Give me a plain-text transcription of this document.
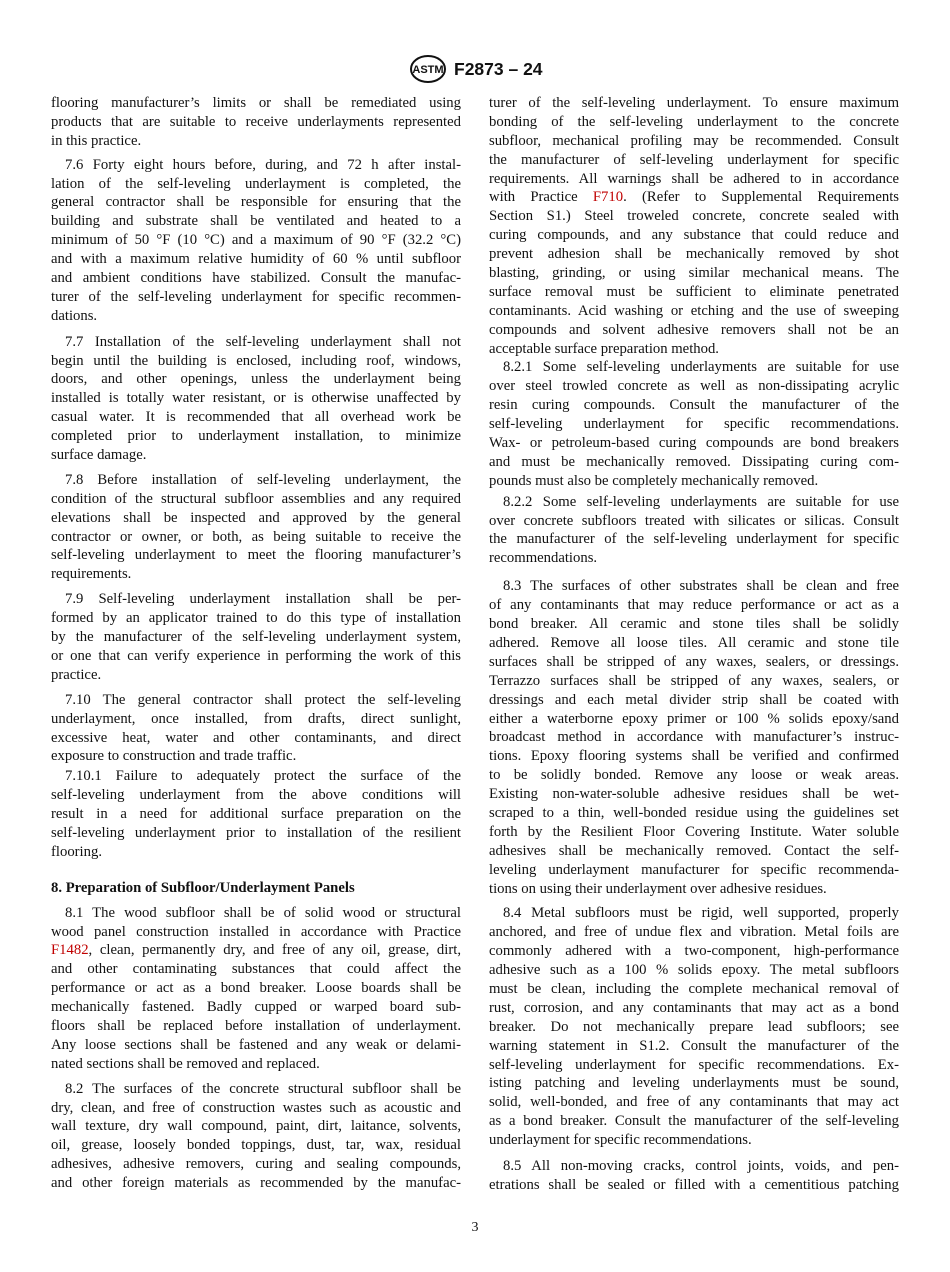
ASTM F2873 – 24
flooring manufacturer’s limits or shall be remediated using
products that are suitable to receive underlayments represented
in this practice.
7.6 Forty eight hours before, during, and 72 h after instal-
lation of the self-leveling underlayment is completed, the
general contractor shall be responsible for ensuring that the
building and substrate shall be ventilated and heated to a
minimum of 50 °F (10 °C) and a maximum of 90 °F (32.2 °C)
and with a maximum relative humidity of 60 % until subfloor
and ambient conditions have stabilized. Consult the manufac-
turer of the self-leveling underlayment for specific recommen-
dations.
7.7 Installation of the self-leveling underlayment shall not
begin until the building is enclosed, including roof, windows,
doors, and other openings, unless the underlayment being
installed is totally water resistant, or is otherwise unaffected by
casual water. It is recommended that all overhead work be
completed prior to underlayment installation, to minimize
surface damage.
7.8 Before installation of self-leveling underlayment, the
condition of the structural subfloor assemblies and any required
elevations shall be inspected and approved by the general
contractor or owner, or both, as being suitable to receive the
self-leveling underlayment to meet the flooring manufacturer’s
requirements.
7.9 Self-leveling underlayment installation shall be per-
formed by an applicator trained to do this type of installation
by the manufacturer of the self-leveling underlayment system,
or one that can verify experience in performing the work of this
practice.
7.10 The general contractor shall protect the self-leveling
underlayment, once installed, from drafts, direct sunlight,
excessive heat, water and other contaminants, and direct
exposure to construction and trade traffic.
7.10.1 Failure to adequately protect the surface of the
self-leveling underlayment from the above conditions will
result in a need for additional surface preparation on the
self-leveling underlayment prior to installation of the resilient
flooring.
8. Preparation of Subfloor/Underlayment Panels
8.1 The wood subfloor shall be of solid wood or structural
wood panel construction installed in accordance with Practice
F1482, clean, permanently dry, and free of any oil, grease, dirt,
and other contaminating substances that could affect the
performance or act as a bond breaker. Loose boards shall be
mechanically fastened. Badly cupped or warped board sub-
floors shall be replaced before installation of underlayment.
Any loose sections shall be fastened and any weak or delami-
nated sections shall be removed and replaced.
8.2 The surfaces of the concrete structural subfloor shall be
dry, clean, and free of construction wastes such as acoustic and
wall texture, dry wall compound, paint, dirt, laitance, solvents,
oil, grease, loosely bonded toppings, dust, tar, wax, residual
adhesives, adhesive removers, curing and sealing compounds,
and other foreign materials as recommended by the manufac-
turer of the self-leveling underlayment. To ensure maximum
bonding of the self-leveling underlayment to the concrete
subfloor, mechanical profiling may be recommended. Consult
the manufacturer of self-leveling underlayment for specific
requirements. All warnings shall be adhered to in accordance
with Practice F710. (Refer to Supplemental Requirements
Section S1.) Steel troweled concrete, concrete sealed with
curing compounds, and any substance that could reduce and
prevent adhesion shall be mechanically removed by shot
blasting, grinding, or using similar mechanical means. The
surface removal must be sufficient to eliminate penetrated
contaminants. Acid washing or etching and the use of sweeping
compounds and solvent adhesive removers shall not be an
acceptable surface preparation method.
8.2.1 Some self-leveling underlayments are suitable for use
over steel trowled concrete as well as non-dissipating acrylic
resin curing compounds. Consult the manufacturer of the
self-leveling underlayment for specific recommendations.
Wax- or petroleum-based curing compounds are bond breakers
and must be mechanically removed. Dissipating curing com-
pounds must also be completely mechanically removed.
8.2.2 Some self-leveling underlayments are suitable for use
over concrete subfloors treated with silicates or silicas. Consult
the manufacturer of the self-leveling underlayment for specific
recommendations.
8.3 The surfaces of other substrates shall be clean and free
of any contaminants that may reduce performance or act as a
bond breaker. All ceramic and stone tiles shall be solidly
adhered. Remove all loose tiles. All ceramic and stone tile
surfaces shall be stripped of any waxes, sealers, or dressings.
Terrazzo surfaces shall be stripped of any waxes, sealers, or
dressings and each metal divider strip shall be coated with
either a waterborne epoxy primer or 100 % solids epoxy/sand
broadcast method in accordance with manufacturer’s instruc-
tions. Epoxy flooring systems shall be verified and confirmed
to be solidly bonded. Remove any loose or weak areas.
Existing non-water-soluble adhesive residues shall be wet-
scraped to a thin, well-bonded residue using the guidelines set
forth by the Resilient Floor Covering Institute. Water soluble
adhesives shall be mechanically removed. Contact the self-
leveling underlayment manufacturer for specific recommenda-
tions on using their underlayment over adhesive residues.
8.4 Metal subfloors must be rigid, well supported, properly
anchored, and free of undue flex and vibration. Metal foils are
commonly adhered with a two-component, high-performance
adhesive such as a 100 % solids epoxy. The metal subfloors
must be clean, including the complete mechanical removal of
rust, corrosion, and any contaminants that may act as a bond
breaker. Do not mechanically prepare lead subfloors; see
warning statement in S1.2. Consult the manufacturer of the
self-leveling underlayment for specific recommendations. Ex-
isting patching and leveling underlayments must be sound,
solid, well-bonded, and free of any contaminants that may act
as a bond breaker. Consult the manufacturer of the self-leveling
underlayment for specific recommendations.
8.5 All non-moving cracks, control joints, voids, and pen-
etrations shall be sealed or filled with a cementitious patching
3
